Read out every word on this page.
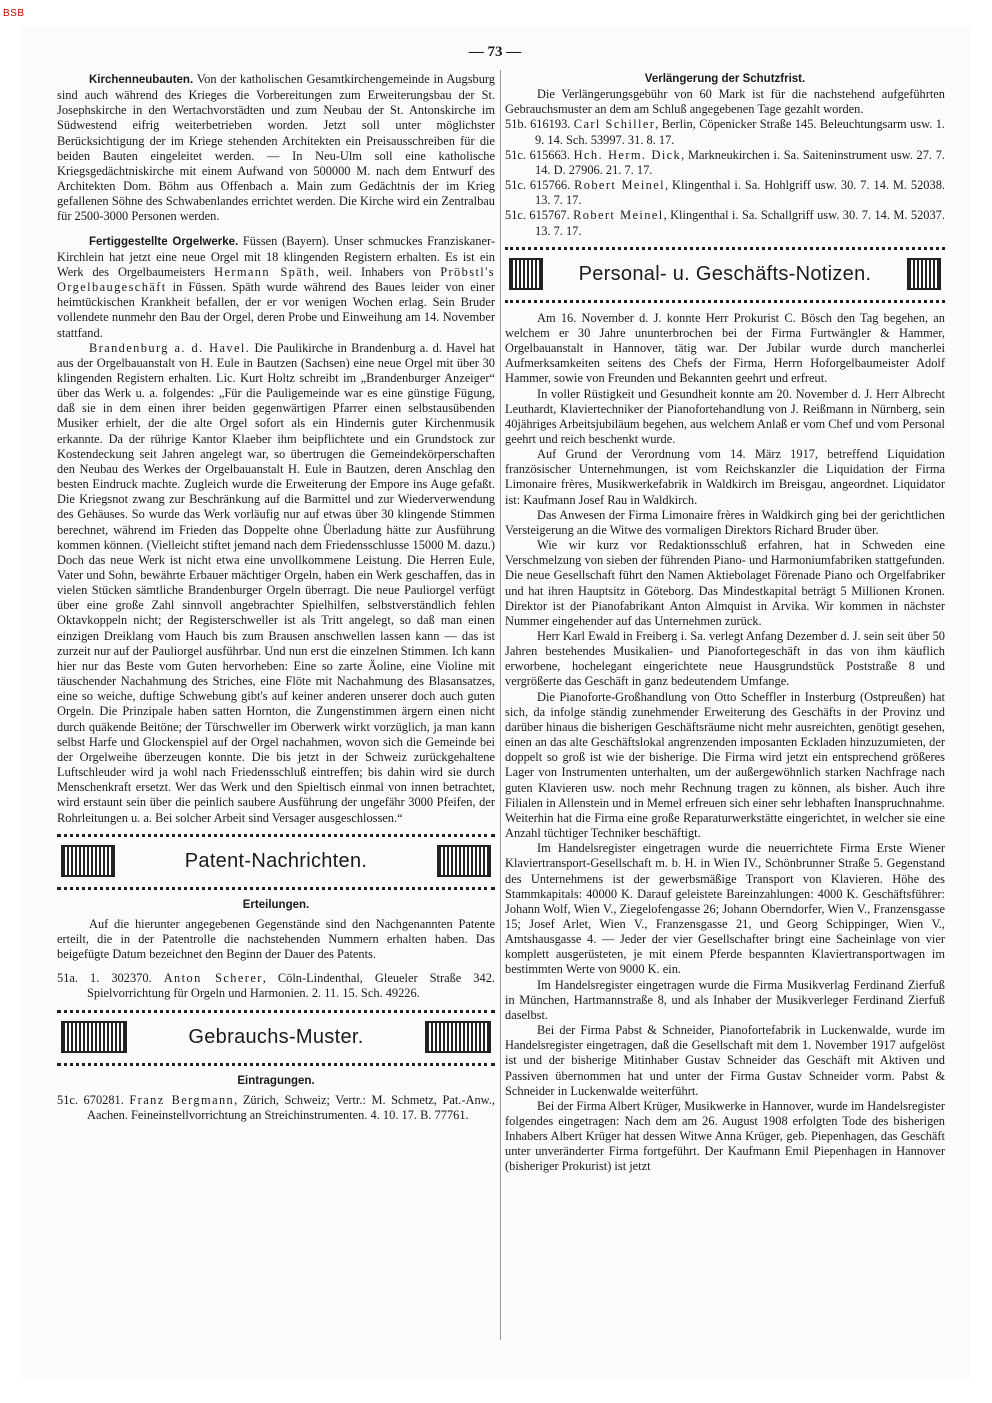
BSB
— 73 —

Kirchenneubauten. Von der katholischen Gesamtkirchengemeinde in Augsburg sind auch während des Krieges die Vorbereitungen zum Erweiterungsbau der St. Josephskirche in den Wertachvorstädten und zum Neubau der St. Antonskirche im Südwestend eifrig weiterbetrieben worden. Jetzt soll unter möglichster Berücksichtigung der im Kriege stehenden Architekten ein Preisausschreiben für die beiden Bauten eingeleitet werden. — In Neu-Ulm soll eine katholische Kriegsgedächtniskirche mit einem Aufwand von 500000 M. nach dem Entwurf des Architekten Dom. Böhm aus Offenbach a. Main zum Gedächtnis der im Krieg gefallenen Söhne des Schwabenlandes errichtet werden. Die Kirche wird ein Zentralbau für 2500-3000 Personen werden.

Fertiggestellte Orgelwerke. Füssen (Bayern). Unser schmuckes Franziskaner-Kirchlein hat jetzt eine neue Orgel mit 18 klingenden Registern erhalten. Es ist ein Werk des Orgelbaumeisters Hermann Späth, weil. Inhabers von Pröbstl's Orgelbaugeschäft in Füssen. Späth wurde während des Baues leider von einer heimtückischen Krankheit befallen, der er vor wenigen Wochen erlag. Sein Bruder vollendete nunmehr den Bau der Orgel, deren Probe und Einweihung am 14. November stattfand.

Brandenburg a. d. Havel. Die Paulikirche in Brandenburg a. d. Havel hat aus der Orgelbauanstalt von H. Eule in Bautzen (Sachsen) eine neue Orgel mit über 30 klingenden Registern erhalten. Lic. Kurt Holtz schreibt im „Brandenburger Anzeiger“ über das Werk u. a. folgendes: „Für die Pauligemeinde war es eine günstige Fügung, daß sie in dem einen ihrer beiden gegenwärtigen Pfarrer einen selbstausübenden Musiker erhielt, der die alte Orgel sofort als ein Hindernis guter Kirchenmusik erkannte. Da der rührige Kantor Klaeber ihm beipflichtete und ein Grundstock zur Kostendeckung seit Jahren angelegt war, so übertrugen die Gemeindekörperschaften den Neubau des Werkes der Orgelbauanstalt H. Eule in Bautzen, deren Anschlag den besten Eindruck machte. Zugleich wurde die Erweiterung der Empore ins Auge gefaßt. Die Kriegsnot zwang zur Beschränkung auf die Barmittel und zur Wiederverwendung des Gehäuses. So wurde das Werk vorläufig nur auf etwas über 30 klingende Stimmen berechnet, während im Frieden das Doppelte ohne Überladung hätte zur Ausführung kommen können. (Vielleicht stiftet jemand nach dem Friedensschlusse 15000 M. dazu.) Doch das neue Werk ist nicht etwa eine unvollkommene Leistung. Die Herren Eule, Vater und Sohn, bewährte Erbauer mächtiger Orgeln, haben ein Werk geschaffen, das in vielen Stücken sämtliche Brandenburger Orgeln überragt. Die neue Pauliorgel verfügt über eine große Zahl sinnvoll angebrachter Spielhilfen, selbstverständlich fehlen Oktavkoppeln nicht; der Registerschweller ist als Tritt angelegt, so daß man einen einzigen Dreiklang vom Hauch bis zum Brausen anschwellen lassen kann — das ist zurzeit nur auf der Pauliorgel ausführbar. Und nun erst die einzelnen Stimmen. Ich kann hier nur das Beste vom Guten hervorheben: Eine so zarte Äoline, eine Violine mit täuschender Nachahmung des Striches, eine Flöte mit Nachahmung des Blasansatzes, eine so weiche, duftige Schwebung gibt's auf keiner anderen unserer doch auch guten Orgeln. Die Prinzipale haben satten Hornton, die Zungenstimmen ärgern einen nicht durch quäkende Beitöne; der Türschweller im Oberwerk wirkt vorzüglich, ja man kann selbst Harfe und Glockenspiel auf der Orgel nachahmen, wovon sich die Gemeinde bei der Orgelweihe überzeugen konnte. Die bis jetzt in der Schweiz zurückgehaltene Luftschleuder wird ja wohl nach Friedensschluß eintreffen; bis dahin wird sie durch Menschenkraft ersetzt. Wer das Werk und den Spieltisch einmal von innen betrachtet, wird erstaunt sein über die peinlich saubere Ausführung der ungefähr 3000 Pfeifen, der Rohrleitungen u. a. Bei solcher Arbeit sind Versager ausgeschlossen.“

Patent-Nachrichten.
Erteilungen.

Auf die hierunter angegebenen Gegenstände sind den Nachgenannten Patente erteilt, die in der Patentrolle die nachstehenden Nummern erhalten haben. Das beigefügte Datum bezeichnet den Beginn der Dauer des Patents.

51a. 1. 302370. Anton Scherer, Cöln-Lindenthal, Gleueler Straße 342. Spielvorrichtung für Orgeln und Harmonien. 2. 11. 15. Sch. 49226.

Gebrauchs-Muster.
Eintragungen.

51c. 670281. Franz Bergmann, Zürich, Schweiz; Vertr.: M. Schmetz, Pat.-Anw., Aachen. Feineinstellvorrichtung an Streichinstrumenten. 4. 10. 17. B. 77761.

Verlängerung der Schutzfrist.

Die Verlängerungsgebühr von 60 Mark ist für die nachstehend aufgeführten Gebrauchsmuster an dem am Schluß angegebenen Tage gezahlt worden.

51b. 616193. Carl Schiller, Berlin, Cöpenicker Straße 145. Beleuchtungsarm usw. 1. 9. 14. Sch. 53997. 31. 8. 17.

51c. 615663. Hch. Herm. Dick, Markneukirchen i. Sa. Saiteninstrument usw. 27. 7. 14. D. 27906. 21. 7. 17.

51c. 615766. Robert Meinel, Klingenthal i. Sa. Hohlgriff usw. 30. 7. 14. M. 52038. 13. 7. 17.

51c. 615767. Robert Meinel, Klingenthal i. Sa. Schallgriff usw. 30. 7. 14. M. 52037. 13. 7. 17.

Personal- u. Geschäfts-Notizen.

Am 16. November d. J. konnte Herr Prokurist C. Bösch den Tag begehen, an welchem er 30 Jahre ununterbrochen bei der Firma Furtwängler & Hammer, Orgelbauanstalt in Hannover, tätig war. Der Jubilar wurde durch mancherlei Aufmerksamkeiten seitens des Chefs der Firma, Herrn Hoforgelbaumeister Adolf Hammer, sowie von Freunden und Bekannten geehrt und erfreut.

In voller Rüstigkeit und Gesundheit konnte am 20. November d. J. Herr Albrecht Leuthardt, Klaviertechniker der Pianofortehandlung von J. Reißmann in Nürnberg, sein 40jähriges Arbeitsjubiläum begehen, aus welchem Anlaß er vom Chef und vom Personal geehrt und reich beschenkt wurde.

Auf Grund der Verordnung vom 14. März 1917, betreffend Liquidation französischer Unternehmungen, ist vom Reichskanzler die Liquidation der Firma Limonaire frères, Musikwerkefabrik in Waldkirch im Breisgau, angeordnet. Liquidator ist: Kaufmann Josef Rau in Waldkirch.

Das Anwesen der Firma Limonaire frères in Waldkirch ging bei der gerichtlichen Versteigerung an die Witwe des vormaligen Direktors Richard Bruder über.

Wie wir kurz vor Redaktionsschluß erfahren, hat in Schweden eine Verschmelzung von sieben der führenden Piano- und Harmoniumfabriken stattgefunden. Die neue Gesellschaft führt den Namen Aktiebolaget Förenade Piano och Orgelfabriker und hat ihren Hauptsitz in Göteborg. Das Mindestkapital beträgt 5 Millionen Kronen. Direktor ist der Pianofabrikant Anton Almquist in Arvika. Wir kommen in nächster Nummer eingehender auf das Unternehmen zurück.

Herr Karl Ewald in Freiberg i. Sa. verlegt Anfang Dezember d. J. sein seit über 50 Jahren bestehendes Musikalien- und Pianofortegeschäft in das von ihm käuflich erworbene, hochelegant eingerichtete neue Hausgrundstück Poststraße 8 und vergrößerte das Geschäft in ganz bedeutendem Umfange.

Die Pianoforte-Großhandlung von Otto Scheffler in Insterburg (Ostpreußen) hat sich, da infolge ständig zunehmender Erweiterung des Geschäfts in der Provinz und darüber hinaus die bisherigen Geschäftsräume nicht mehr ausreichten, genötigt gesehen, einen an das alte Geschäftslokal angrenzenden imposanten Eckladen hinzuzumieten, der doppelt so groß ist wie der bisherige. Die Firma wird jetzt ein entsprechend größeres Lager von Instrumenten unterhalten, um der außergewöhnlich starken Nachfrage nach guten Klavieren usw. noch mehr Rechnung tragen zu können, als bisher. Auch ihre Filialen in Allenstein und in Memel erfreuen sich einer sehr lebhaften Inanspruchnahme. Weiterhin hat die Firma eine große Reparaturwerkstätte eingerichtet, in welcher sie eine Anzahl tüchtiger Techniker beschäftigt.

Im Handelsregister eingetragen wurde die neuerrichtete Firma Erste Wiener Klaviertransport-Gesellschaft m. b. H. in Wien IV., Schönbrunner Straße 5. Gegenstand des Unternehmens ist der gewerbsmäßige Transport von Klavieren. Höhe des Stammkapitals: 40000 K. Darauf geleistete Bareinzahlungen: 4000 K. Geschäftsführer: Johann Wolf, Wien V., Ziegelofengasse 26; Johann Oberndorfer, Wien V., Franzensgasse 15; Josef Arlet, Wien V., Franzensgasse 21, und Georg Schippinger, Wien V., Amtshausgasse 4. — Jeder der vier Gesellschafter bringt eine Sacheinlage von vier komplett ausgerüsteten, je mit einem Pferde bespannten Klaviertransportwagen im bestimmten Werte von 9000 K. ein.

Im Handelsregister eingetragen wurde die Firma Musikverlag Ferdinand Zierfuß in München, Hartmannstraße 8, und als Inhaber der Musikverleger Ferdinand Zierfuß daselbst.

Bei der Firma Pabst & Schneider, Pianofortefabrik in Luckenwalde, wurde im Handelsregister eingetragen, daß die Gesellschaft mit dem 1. November 1917 aufgelöst ist und der bisherige Mitinhaber Gustav Schneider das Geschäft mit Aktiven und Passiven übernommen hat und unter der Firma Gustav Schneider vorm. Pabst & Schneider in Luckenwalde weiterführt.

Bei der Firma Albert Krüger, Musikwerke in Hannover, wurde im Handelsregister folgendes eingetragen: Nach dem am 26. August 1908 erfolgten Tode des bisherigen Inhabers Albert Krüger hat dessen Witwe Anna Krüger, geb. Piepenhagen, das Geschäft unter unveränderter Firma fortgeführt. Der Kaufmann Emil Piepenhagen in Hannover (bisheriger Prokurist) ist jetzt
